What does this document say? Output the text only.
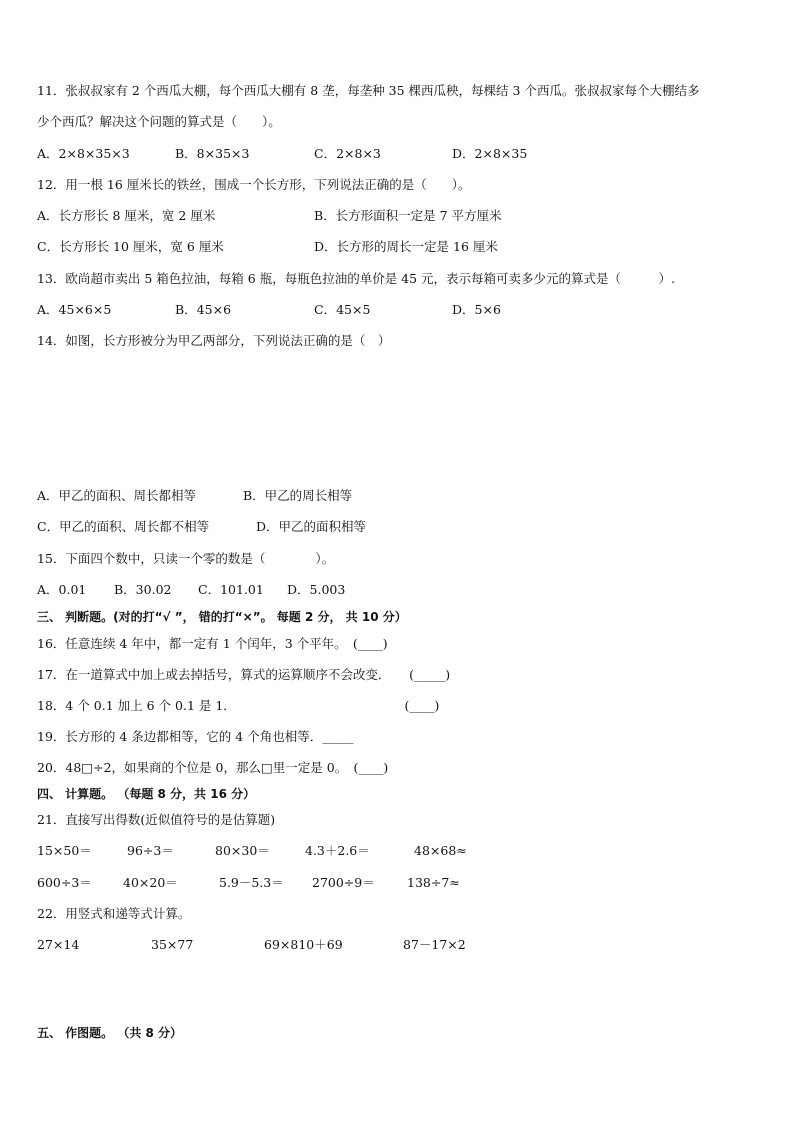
11．张叔叔家有 2 个西瓜大棚，每个西瓜大棚有 8 垄，每垄种 35 棵西瓜秧，每棵结 3 个西瓜。张叔叔家每个大棚结多
少个西瓜？解决这个问题的算式是（　　）。
A．2×8×35×3	B．8×35×3	C．2×8×3	D．2×8×35
12．用一根 16 厘米长的铁丝，围成一个长方形，下列说法正确的是（　　）。
A．长方形长 8 厘米，宽 2 厘米	B．长方形面积一定是 7 平方厘米
C．长方形长 10 厘米，宽 6 厘米	D．长方形的周长一定是 16 厘米
13．欧尚超市卖出 5 箱色拉油，每箱 6 瓶，每瓶色拉油的单价是 45 元，表示每箱可卖多少元的算式是（　　　）.
A．45×6×5	B．45×6	C．45×5	D．5×6
14．如图，长方形被分为甲乙两部分，下列说法正确的是（　）
A．甲乙的面积、周长都相等	B．甲乙的周长相等
C．甲乙的面积、周长都不相等	D．甲乙的面积相等
15．下面四个数中，只读一个零的数是（　　　　）。
A．0.01 B．30.02 C．101.01 D．5.003
三、 判断题。(对的打“√ ”， 错的打“×”。 每题 2 分， 共 10 分）
16．任意连续 4 年中，都一定有 1 个闰年，3 个平年。　(____)
17．在一道算式中加上或去掉括号，算式的运算顺序不会改变．　　(_____)
18．4 个 0.1 加上 6 个 0.1 是 1．　　　　　　　　　　　　　　(____)
19．长方形的 4 条边都相等，它的 4 个角也相等．_____
20．48□÷2，如果商的个位是 0，那么□里一定是 0。　(____)
四、 计算题。 （每题 8 分，共 16 分）
21．直接写出得数(近似值符号的是估算题)
15×50＝	96÷3＝	80×30＝	4.3＋2.6＝	48×68≈
600÷3＝ 40×20＝	5.9－5.3＝ 2700÷9＝	138÷7≈
22．用竖式和递等式计算。
27×14	35×77	69×810＋69	87－17×2
五、 作图题。 （共 8 分）
